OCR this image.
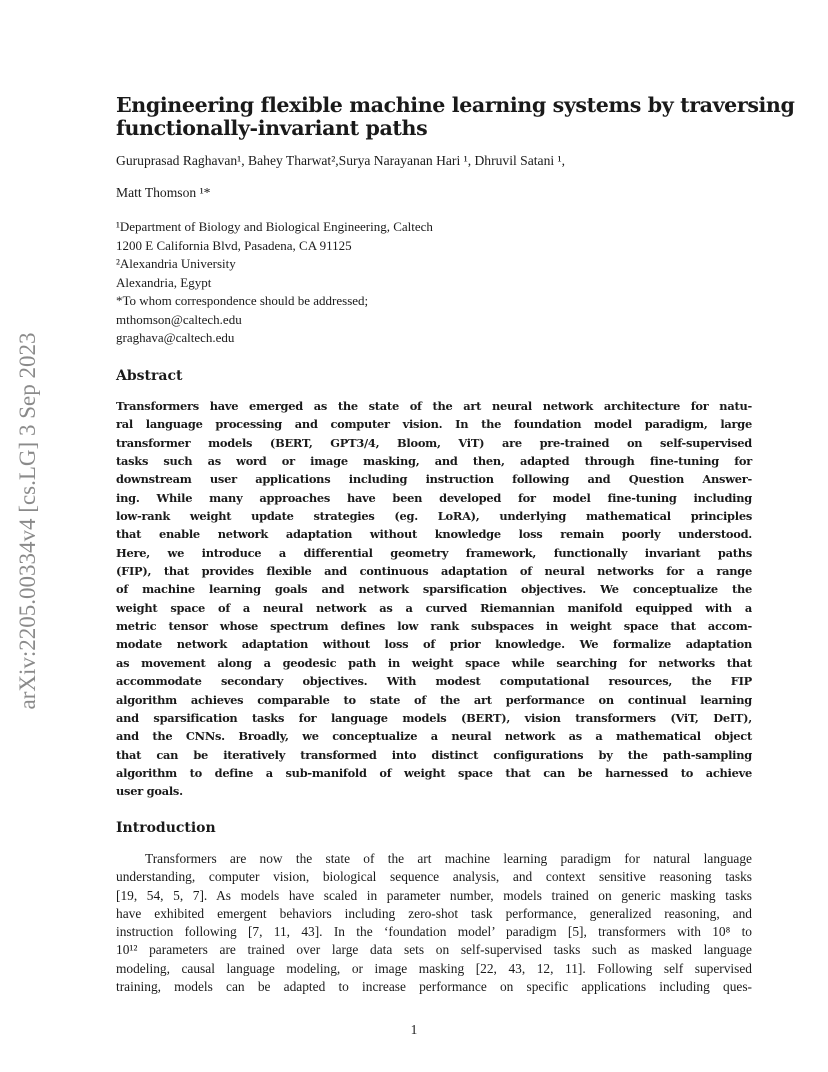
arXiv:2205.00334v4 [cs.LG] 3 Sep 2023
Engineering flexible machine learning systems by traversing
functionally-invariant paths
Guruprasad Raghavan¹, Bahey Tharwat²,Surya Narayanan Hari ¹, Dhruvil Satani ¹,
Matt Thomson ¹*
¹Department of Biology and Biological Engineering, Caltech
1200 E California Blvd, Pasadena, CA 91125
²Alexandria University
Alexandria, Egypt
*To whom correspondence should be addressed;
mthomson@caltech.edu
graghava@caltech.edu
Abstract
Transformers have emerged as the state of the art neural network architecture for natu-
ral language processing and computer vision. In the foundation model paradigm, large
transformer models (BERT, GPT3/4, Bloom, ViT) are pre-trained on self-supervised
tasks such as word or image masking, and then, adapted through fine-tuning for
downstream user applications including instruction following and Question Answer-
ing. While many approaches have been developed for model fine-tuning including
low-rank weight update strategies (eg. LoRA), underlying mathematical principles
that enable network adaptation without knowledge loss remain poorly understood.
Here, we introduce a differential geometry framework, functionally invariant paths
(FIP), that provides flexible and continuous adaptation of neural networks for a range
of machine learning goals and network sparsification objectives. We conceptualize the
weight space of a neural network as a curved Riemannian manifold equipped with a
metric tensor whose spectrum defines low rank subspaces in weight space that accom-
modate network adaptation without loss of prior knowledge. We formalize adaptation
as movement along a geodesic path in weight space while searching for networks that
accommodate secondary objectives. With modest computational resources, the FIP
algorithm achieves comparable to state of the art performance on continual learning
and sparsification tasks for language models (BERT), vision transformers (ViT, DeIT),
and the CNNs. Broadly, we conceptualize a neural network as a mathematical object
that can be iteratively transformed into distinct configurations by the path-sampling
algorithm to define a sub-manifold of weight space that can be harnessed to achieve
user goals.
Introduction
Transformers are now the state of the art machine learning paradigm for natural language
understanding, computer vision, biological sequence analysis, and context sensitive reasoning tasks
[19, 54, 5, 7]. As models have scaled in parameter number, models trained on generic masking tasks
have exhibited emergent behaviors including zero-shot task performance, generalized reasoning, and
instruction following [7, 11, 43]. In the ‘foundation model’ paradigm [5], transformers with 10⁸ to
10¹² parameters are trained over large data sets on self-supervised tasks such as masked language
modeling, causal language modeling, or image masking [22, 43, 12, 11]. Following self supervised
training, models can be adapted to increase performance on specific applications including ques-
1
